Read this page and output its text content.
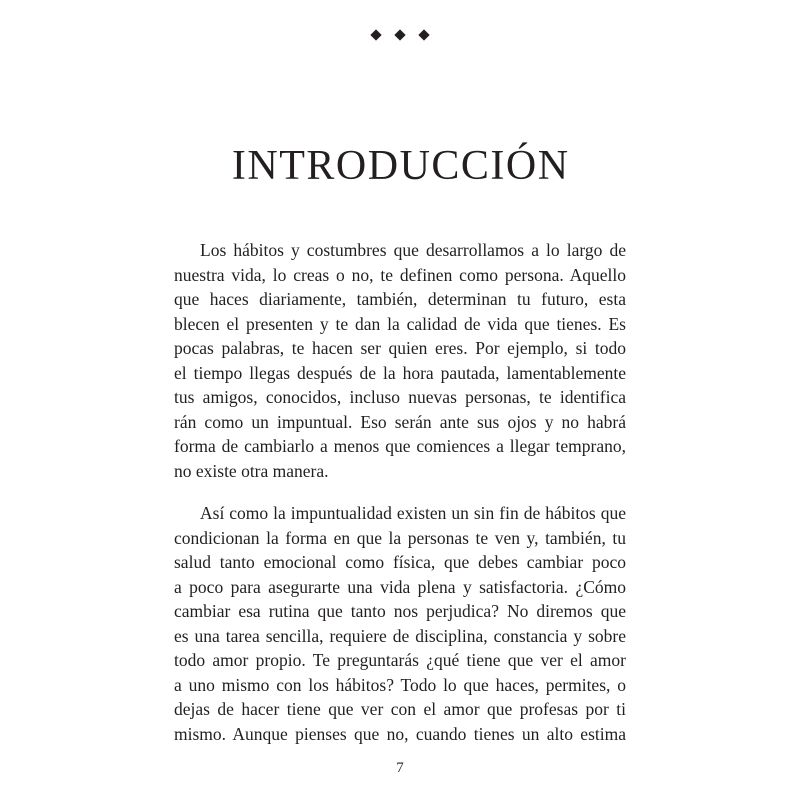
INTRODUCCIÓN
Los hábitos y costumbres que desarrollamos a lo largo de
nuestra vida, lo creas o no, te definen como persona. Aquello
que haces diariamente, también, determinan tu futuro, esta
blecen el presenten y te dan la calidad de vida que tienes. Es
pocas palabras, te hacen ser quien eres. Por ejemplo, si todo
el tiempo llegas después de la hora pautada, lamentablemente
tus amigos, conocidos, incluso nuevas personas, te identifica
rán como un impuntual. Eso serán ante sus ojos y no habrá
forma de cambiarlo a menos que comiences a llegar temprano,
no existe otra manera.
Así como la impuntualidad existen un sin fin de hábitos que
condicionan la forma en que la personas te ven y, también, tu
salud tanto emocional como física, que debes cambiar poco
a poco para asegurarte una vida plena y satisfactoria. ¿Cómo
cambiar esa rutina que tanto nos perjudica? No diremos que
es una tarea sencilla, requiere de disciplina, constancia y sobre
todo amor propio. Te preguntarás ¿qué tiene que ver el amor
a uno mismo con los hábitos? Todo lo que haces, permites, o
dejas de hacer tiene que ver con el amor que profesas por ti
mismo. Aunque pienses que no, cuando tienes un alto estima
7
